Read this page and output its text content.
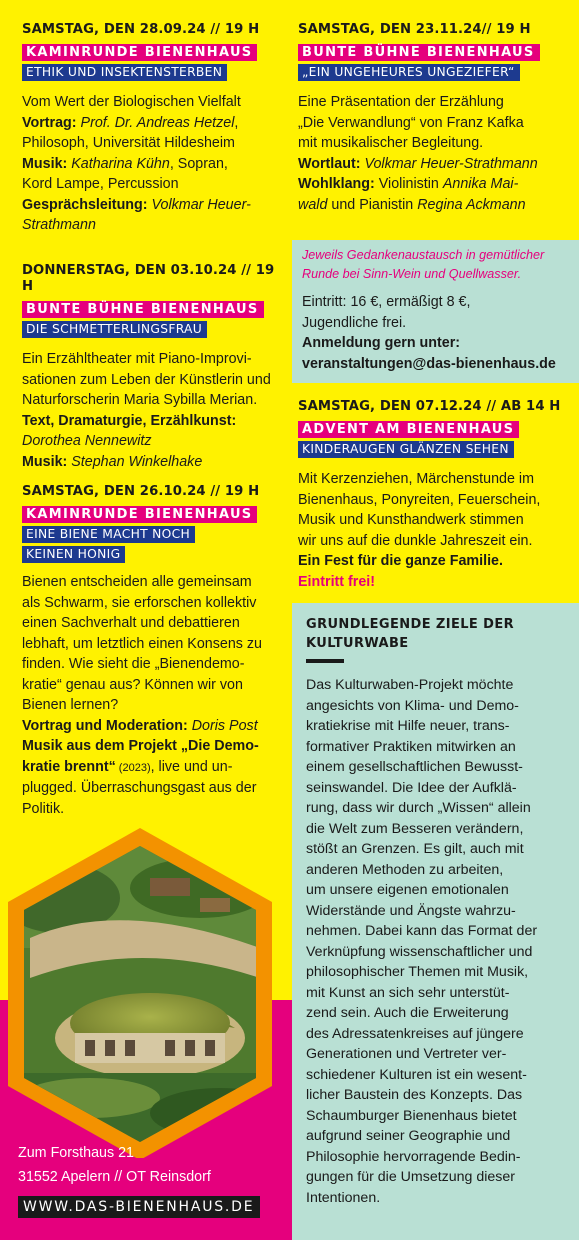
SAMSTAG, DEN 28.09.24 // 19 H
KAMINRUNDE BIENENHAUS
ETHIK UND INSEKTENSTERBEN
Vom Wert der Biologischen Vielfalt
Vortrag: Prof. Dr. Andreas Hetzel,
Philosoph, Universität Hildesheim
Musik: Katharina Kühn, Sopran,
Kord Lampe, Percussion
Gesprächsleitung: Volkmar Heuer-
Strathmann
DONNERSTAG, DEN 03.10.24 // 19 H
BUNTE BÜHNE BIENENHAUS
DIE SCHMETTERLINGSFRAU
Ein Erzähltheater mit Piano-Improvi-
sationen zum Leben der Künstlerin und
Naturforscherin Maria Sybilla Merian.
Text, Dramaturgie, Erzählkunst:
Dorothea Nennewitz
Musik: Stephan Winkelhake
SAMSTAG, DEN 26.10.24 // 19 H
KAMINRUNDE BIENENHAUS
EINE BIENE MACHT NOCH
KEINEN HONIG
Bienen entscheiden alle gemeinsam
als Schwarm, sie erforschen kollektiv
einen Sachverhalt und debattieren
lebhaft, um letztlich einen Konsens zu
finden. Wie sieht die „Bienendemo-
kratie“ genau aus? Können wir von
Bienen lernen?
Vortrag und Moderation: Doris Post
Musik aus dem Projekt „Die Demo-
kratie brennt“ (2023), live und un-
plugged. Überraschungsgast aus der
Politik.
SAMSTAG, DEN 23.11.24// 19 H
BUNTE BÜHNE BIENENHAUS
„EIN UNGEHEURES UNGEZIEFER“
Eine Präsentation der Erzählung
„Die Verwandlung“ von Franz Kafka
mit musikalischer Begleitung.
Wortlaut: Volkmar Heuer-Strathmann
Wohlklang: Violinistin Annika Mai-
wald und Pianistin Regina Ackmann
Jeweils Gedankenaustausch in gemütlicher
Runde bei Sinn-Wein und Quellwasser.
Eintritt: 16 €, ermäßigt 8 €,
Jugendliche frei.
Anmeldung gern unter:
veranstaltungen@das-bienenhaus.de
SAMSTAG, DEN 07.12.24 // AB 14 H
ADVENT AM BIENENHAUS
KINDERAUGEN GLÄNZEN SEHEN
Mit Kerzenziehen, Märchenstunde im
Bienenhaus, Ponyreiten, Feuerschein,
Musik und Kunsthandwerk stimmen
wir uns auf die dunkle Jahreszeit ein.
Ein Fest für die ganze Familie.
Eintritt frei!
GRUNDLEGENDE ZIELE DER
KULTURWABE
Das Kulturwaben-Projekt möchte
angesichts von Klima- und Demo-
kratiekrise mit Hilfe neuer, trans-
formativer Praktiken mitwirken an
einem gesellschaftlichen Bewusst-
seinswandel. Die Idee der Aufklä-
rung, dass wir durch „Wissen“ allein
die Welt zum Besseren verändern,
stößt an Grenzen. Es gilt, auch mit
anderen Methoden zu arbeiten,
um unsere eigenen emotionalen
Widerstände und Ängste wahrzu-
nehmen. Dabei kann das Format der
Verknüpfung wissenschaftlicher und
philosophischer Themen mit Musik,
mit Kunst an sich sehr unterstüt-
zend sein. Auch die Erweiterung
des Adressatenkreises auf jüngere
Generationen und Vertreter ver-
schiedener Kulturen ist ein wesent-
licher Baustein des Konzepts. Das
Schaumburger Bienenhaus bietet
aufgrund seiner Geographie und
Philosophie hervorragende Bedin-
gungen für die Umsetzung dieser
Intentionen.
Zum Forsthaus 21
31552 Apelern // OT Reinsdorf
WWW.DAS-BIENENHAUS.DE
